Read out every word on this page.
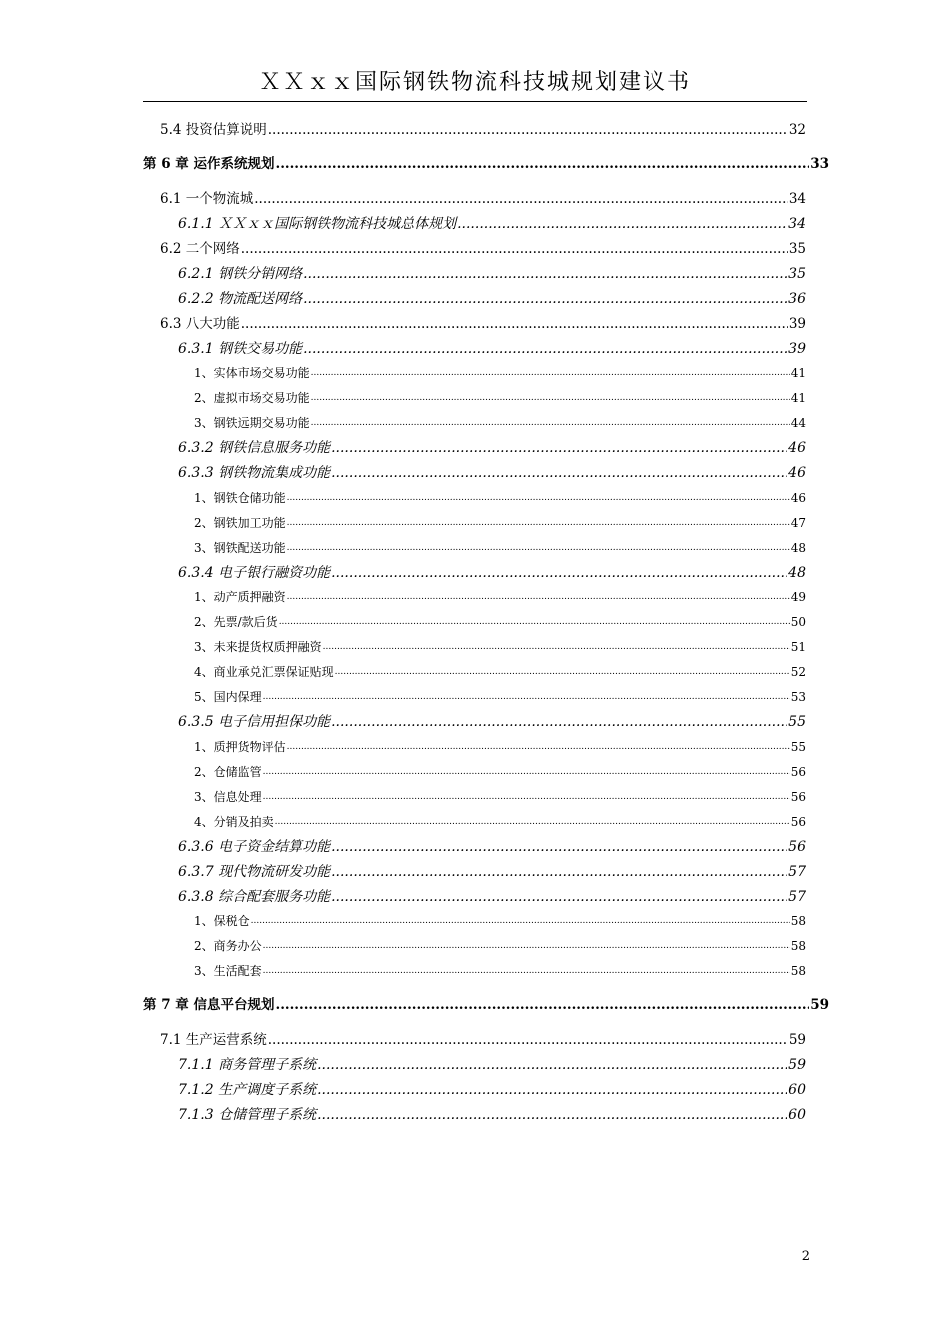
ＸＸｘｘ国际钢铁物流科技城规划建议书
5.4 投资估算说明 .....	32
第 6 章 运作系统规划 .....	33
6.1 一个物流城 .....	34
6.1.1 ＸＸｘｘ国际钢铁物流科技城总体规划 .....	34
6.2 二个网络 .....	35
6.2.1 钢铁分销网络 .....	35
6.2.2 物流配送网络 .....	36
6.3 八大功能 .....	39
6.3.1 钢铁交易功能 .....	39
1、实体市场交易功能 .....	41
2、虚拟市场交易功能 .....	41
3、钢铁远期交易功能 .....	44
6.3.2 钢铁信息服务功能 .....	46
6.3.3 钢铁物流集成功能 .....	46
1、钢铁仓储功能 .....	46
2、钢铁加工功能 .....	47
3、钢铁配送功能 .....	48
6.3.4 电子银行融资功能 .....	48
1、动产质押融资 .....	49
2、先票/款后货 .....	50
3、未来提货权质押融资 .....	51
4、商业承兑汇票保证贴现 .....	52
5、国内保理 .....	53
6.3.5 电子信用担保功能 .....	55
1、质押货物评估 .....	55
2、仓储监管 .....	56
3、信息处理 .....	56
4、分销及拍卖 .....	56
6.3.6 电子资金结算功能 .....	56
6.3.7 现代物流研发功能 .....	57
6.3.8 综合配套服务功能 .....	57
1、保税仓 .....	58
2、商务办公 .....	58
3、生活配套 .....	58
第 7 章 信息平台规划 .....	59
7.1 生产运营系统 .....	59
7.1.1 商务管理子系统 .....	59
7.1.2 生产调度子系统 .....	60
7.1.3 仓储管理子系统 .....	60
2
